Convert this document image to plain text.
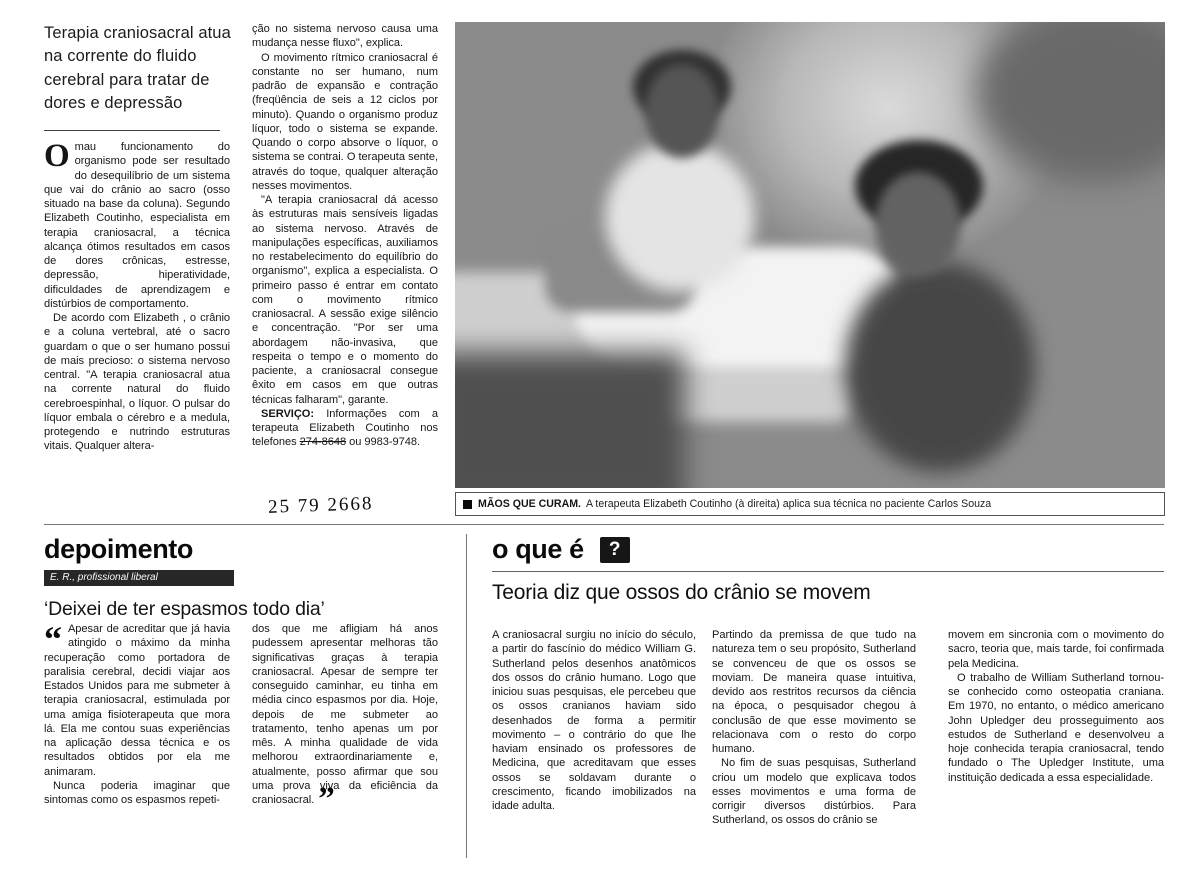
Terapia craniosacral atua na corrente do fluido cerebral para tratar de dores e depressão

Omau funcionamento do organismo pode ser resultado do desequilíbrio de um sistema que vai do crânio ao sacro (osso situado na base da coluna). Segundo Elizabeth Coutinho, especialista em terapia craniosacral, a técnica alcança ótimos resultados em casos de dores crônicas, estresse, depressão, hiperatividade, dificuldades de aprendizagem e distúrbios de comportamento.

De acordo com Elizabeth , o crânio e a coluna vertebral, até o sacro guardam o que o ser humano possui de mais precioso: o sistema nervoso central. "A terapia craniosacral atua na corrente natural do fluido cerebroespinhal, o líquor. O pulsar do líquor embala o cérebro e a medula, protegendo e nutrindo estruturas vitais. Qualquer altera-

ção no sistema nervoso causa uma mudança nesse fluxo", explica.

O movimento rítmico craniosacral é constante no ser humano, num padrão de expansão e contração (freqüência de seis a 12 ciclos por minuto). Quando o organismo produz líquor, todo o sistema se expande. Quando o corpo absorve o líquor, o sistema se contrai. O terapeuta sente, através do toque, qualquer alteração nesses movimentos.

"A terapia craniosacral dá acesso às estruturas mais sensíveis ligadas ao sistema nervoso. Através de manipulações específicas, auxiliamos no restabelecimento do equilíbrio do organismo", explica a especialista. O primeiro passo é entrar em contato com o movimento rítmico craniosacral. A sessão exige silêncio e concentração. "Por ser uma abordagem não-invasiva, que respeita o tempo e o momento do paciente, a craniosacral consegue êxito em casos em que outras técnicas falharam", garante.

SERVIÇO: Informações com a terapeuta Elizabeth Coutinho nos telefones 274-8648 ou 9983-9748.

25 79 2668	MÃOS QUE CURAM. A terapeuta Elizabeth Coutinho (à direita) aplica sua técnica no paciente Carlos Souza
depoimento
E. R., profissional liberal
‘Deixei de ter espasmos todo dia’

“ Apesar de acreditar que já havia atingido o máximo da minha recuperação como portadora de paralisia cerebral, decidi viajar aos Estados Unidos para me submeter à terapia craniosacral, estimulada por uma amiga fisioterapeuta que mora lá. Ela me contou suas experiências na aplicação dessa técnica e os resultados obtidos por ela me animaram.

Nunca poderia imaginar que sintomas como os espasmos repeti-

dos que me afligiam há anos pudessem apresentar melhoras tão significativas graças à terapia craniosacral. Apesar de sempre ter conseguido caminhar, eu tinha em média cinco espasmos por dia. Hoje, depois de me submeter ao tratamento, tenho apenas um por mês. A minha qualidade de vida melhorou extraordinariamente e, atualmente, posso afirmar que sou uma prova viva da eficiência da craniosacral. ”

o que é	?
Teoria diz que ossos do crânio se movem

A craniosacral surgiu no início do século, a partir do fascínio do médico William G. Sutherland pelos desenhos anatômicos dos ossos do crânio humano. Logo que iniciou suas pesquisas, ele percebeu que os ossos cranianos haviam sido desenhados de forma a permitir movimento – o contrário do que lhe haviam ensinado os professores de Medicina, que acreditavam que esses ossos se soldavam durante o crescimento, ficando imobilizados na idade adulta.

Partindo da premissa de que tudo na natureza tem o seu propósito, Sutherland se convenceu de que os ossos se moviam. De maneira quase intuitiva, devido aos restritos recursos da ciência na época, o pesquisador chegou à conclusão de que esse movimento se relacionava com o resto do corpo humano.

No fim de suas pesquisas, Sutherland criou um modelo que explicava todos esses movimentos e uma forma de corrigir diversos distúrbios. Para Sutherland, os ossos do crânio se

movem em sincronia com o movimento do sacro, teoria que, mais tarde, foi confirmada pela Medicina.

O trabalho de William Sutherland tornou-se conhecido como osteopatia craniana. Em 1970, no entanto, o médico americano John Upledger deu prosseguimento aos estudos de Sutherland e desenvolveu a hoje conhecida terapia craniosacral, tendo fundado o The Upledger Institute, uma instituição dedicada a essa especialidade.
